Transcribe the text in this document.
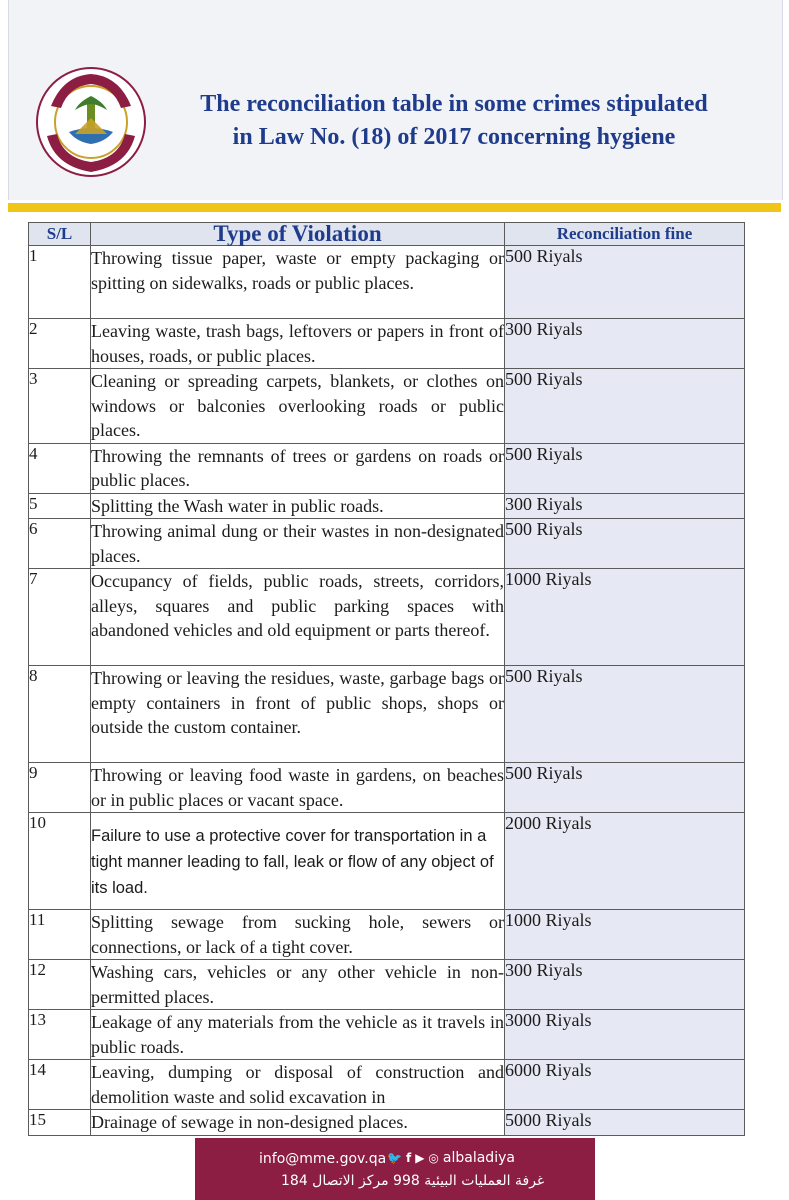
The reconciliation table in some crimes stipulated
in Law No. (18) of 2017 concerning hygiene
S/L	Type of Violation	Reconciliation fine
1	Throwing tissue paper, waste or empty packaging or spitting on sidewalks, roads or public places.	500 Riyals
2	Leaving waste, trash bags, leftovers or papers in front of houses, roads, or public places.	300 Riyals
3	Cleaning or spreading carpets, blankets, or clothes on windows or balconies overlooking roads or public places.	500 Riyals
4	Throwing the remnants of trees or gardens on roads or public places.	500 Riyals
5	Splitting the Wash water in public roads.	300 Riyals
6	Throwing animal dung or their wastes in non-designated places.	500 Riyals
7	Occupancy of fields, public roads, streets, corridors, alleys, squares and public parking spaces with abandoned vehicles and old equipment or parts thereof.	1000 Riyals
8	Throwing or leaving the residues, waste, garbage bags or empty containers in front of public shops, shops or outside the custom container.	500 Riyals
9	Throwing or leaving food waste in gardens, on beaches or in public places or vacant space.	500 Riyals
10	Failure to use a protective cover for transportation in a tight manner leading to fall, leak or flow of any object of its load.	2000 Riyals
11	Splitting sewage from sucking hole, sewers or connections, or lack of a tight cover.	1000 Riyals
12	Washing cars, vehicles or any other vehicle in non-permitted places.	300 Riyals
13	Leakage of any materials from the vehicle as it travels in public roads.	3000 Riyals
14	Leaving, dumping or disposal of construction and demolition waste and solid excavation in	6000 Riyals
15	Drainage of sewage in non-designed places.	5000 Riyals
info@mme.gov.qa 🐦 f ▶ ◎ albaladiya
غرفة العمليات البيئية 998 مركز الاتصال 184
